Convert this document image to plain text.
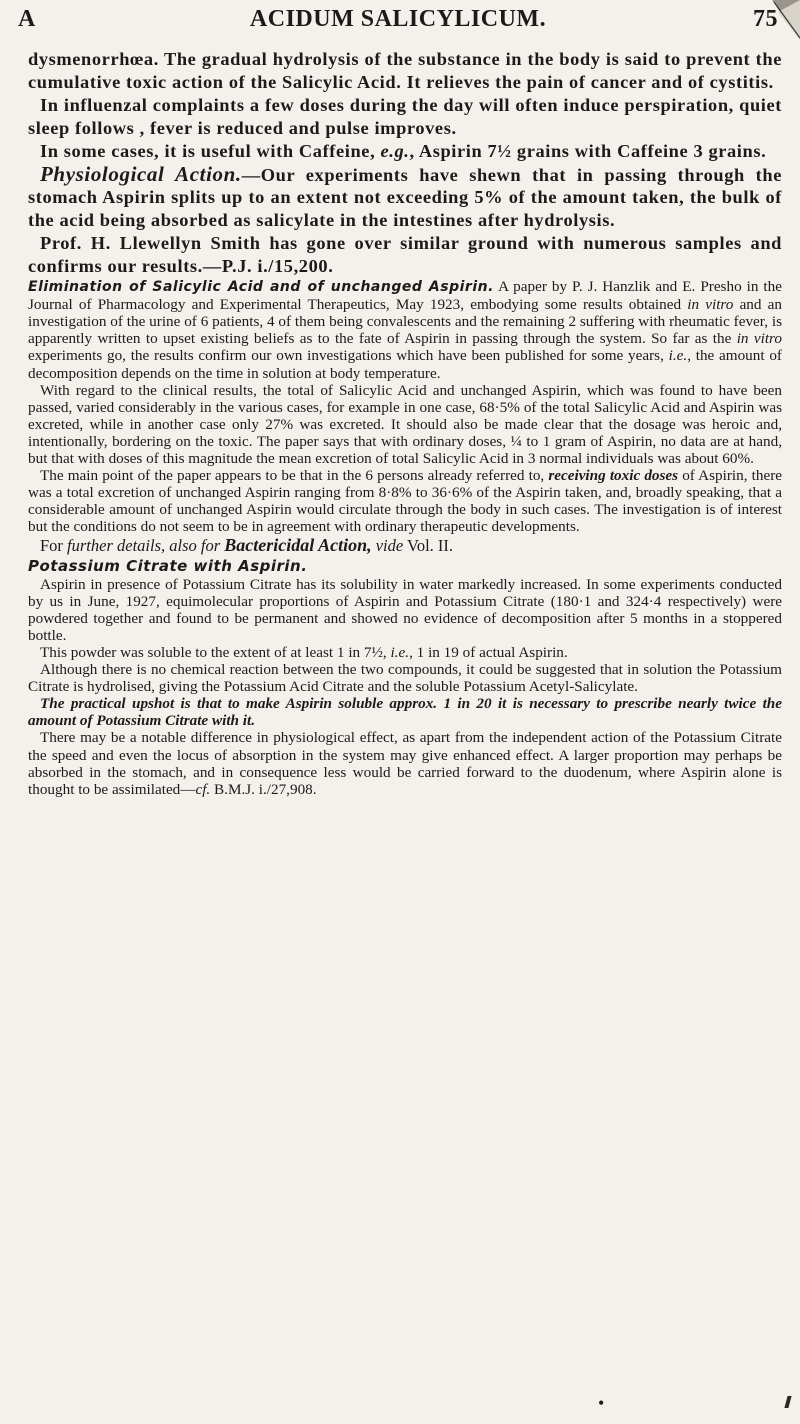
A	ACIDUM SALICYLICUM.	75

dysmenorrhœa. The gradual hydrolysis of the substance in the body is said to prevent the cumulative toxic action of the Salicylic Acid. It relieves the pain of cancer and of cystitis.

In influenzal complaints a few doses during the day will often induce perspiration, quiet sleep follows , fever is reduced and pulse improves.

In some cases, it is useful with Caffeine, e.g., Aspirin 7½ grains with Caffeine 3 grains.

Physiological Action.—Our experiments have shewn that in passing through the stomach Aspirin splits up to an extent not exceeding 5% of the amount taken, the bulk of the acid being absorbed as salicylate in the intestines after hydrolysis.

Prof. H. Llewellyn Smith has gone over similar ground with numerous samples and confirms our results.—P.J. i./15,200.

Elimination of Salicylic Acid and of unchanged Aspirin. A paper by P. J. Hanzlik and E. Presho in the Journal of Pharmacology and Experimental Therapeutics, May 1923, embodying some results obtained in vitro and an investigation of the urine of 6 patients, 4 of them being convalescents and the remaining 2 suffering with rheumatic fever, is apparently written to upset existing beliefs as to the fate of Aspirin in passing through the system. So far as the in vitro experiments go, the results confirm our own investigations which have been published for some years, i.e., the amount of decomposition depends on the time in solution at body temperature.

With regard to the clinical results, the total of Salicylic Acid and unchanged Aspirin, which was found to have been passed, varied considerably in the various cases, for example in one case, 68·5% of the total Salicylic Acid and Aspirin was excreted, while in another case only 27% was excreted. It should also be made clear that the dosage was heroic and, intentionally, bordering on the toxic. The paper says that with ordinary doses, ¼ to 1 gram of Aspirin, no data are at hand, but that with doses of this magnitude the mean excretion of total Salicylic Acid in 3 normal individuals was about 60%.

The main point of the paper appears to be that in the 6 persons already referred to, receiving toxic doses of Aspirin, there was a total excretion of unchanged Aspirin ranging from 8·8% to 36·6% of the Aspirin taken, and, broadly speaking, that a considerable amount of unchanged Aspirin would circulate through the body in such cases. The investigation is of interest but the conditions do not seem to be in agreement with ordinary therapeutic developments.

For further details, also for Bactericidal Action, vide Vol. II.

Potassium Citrate with Aspirin.

Aspirin in presence of Potassium Citrate has its solubility in water markedly increased. In some experiments conducted by us in June, 1927, equimolecular proportions of Aspirin and Potassium Citrate (180·1 and 324·4 respectively) were powdered together and found to be permanent and showed no evidence of decomposition after 5 months in a stoppered bottle.

This powder was soluble to the extent of at least 1 in 7½, i.e., 1 in 19 of actual Aspirin.

Although there is no chemical reaction between the two compounds, it could be suggested that in solution the Potassium Citrate is hydrolised, giving the Potassium Acid Citrate and the soluble Potassium Acetyl-Salicylate.

The practical upshot is that to make Aspirin soluble approx. 1 in 20 it is necessary to prescribe nearly twice the amount of Potassium Citrate with it.

There may be a notable difference in physiological effect, as apart from the independent action of the Potassium Citrate the speed and even the locus of absorption in the system may give enhanced effect. A larger proportion may perhaps be absorbed in the stomach, and in consequence less would be carried forward to the duodenum, where Aspirin alone is thought to be assimilated—cf. B.M.J. i./27,908.

•
